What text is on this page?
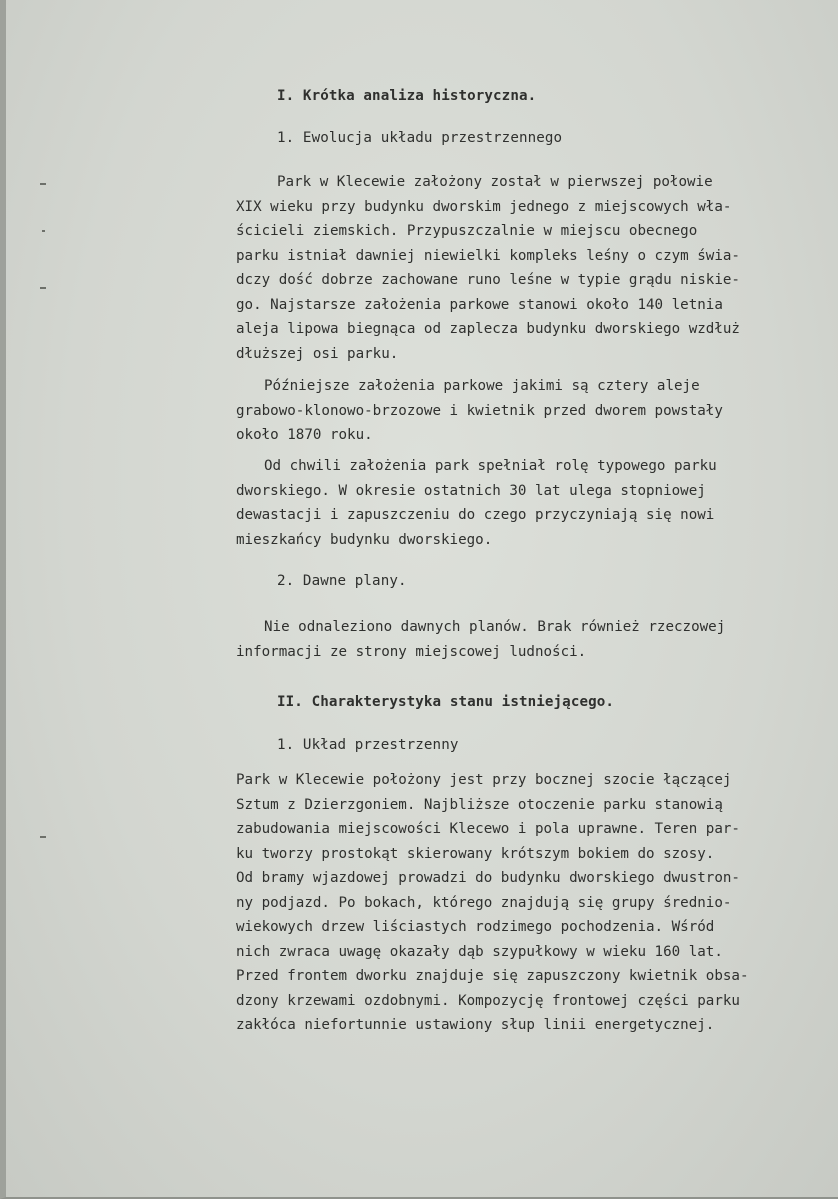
I. Krótka analiza historyczna.

1. Ewolucja układu przestrzennego

Park w Klecewie założony został w pierwszej połowie
XIX wieku przy budynku dworskim jednego z miejscowych wła-
ścicieli ziemskich. Przypuszczalnie w miejscu obecnego
parku istniał dawniej niewielki kompleks leśny o czym świa-
dczy dość dobrze zachowane runo leśne w typie grądu niskie-
go. Najstarsze założenia parkowe stanowi około 140 letnia
aleja lipowa biegnąca od zaplecza budynku dworskiego wzdłuż
dłuższej osi parku.
Późniejsze założenia parkowe jakimi są cztery aleje
grabowo-klonowo-brzozowe i kwietnik przed dworem powstały
około 1870 roku.
Od chwili założenia park spełniał rolę typowego parku
dworskiego. W okresie ostatnich 30 lat ulega stopniowej
dewastacji i zapuszczeniu do czego przyczyniają się nowi
mieszkańcy budynku dworskiego.

2. Dawne plany.

Nie odnaleziono dawnych planów. Brak również rzeczowej
informacji ze strony miejscowej ludności.

II. Charakterystyka stanu istniejącego.

1. Układ przestrzenny

Park w Klecewie położony jest przy bocznej szocie łączącej
Sztum z Dzierzgoniem. Najbliższe otoczenie parku stanowią
zabudowania miejscowości Klecewo i pola uprawne. Teren par-
ku tworzy prostokąt skierowany krótszym bokiem do szosy.
Od bramy wjazdowej prowadzi do budynku dworskiego dwustron-
ny podjazd. Po bokach, którego znajdują się grupy średnio-
wiekowych drzew liściastych rodzimego pochodzenia. Wśród
nich zwraca uwagę okazały dąb szypułkowy w wieku 160 lat.
Przed frontem dworku znajduje się zapuszczony kwietnik obsa-
dzony krzewami ozdobnymi. Kompozycję frontowej części parku
zakłóca niefortunnie ustawiony słup linii energetycznej.
